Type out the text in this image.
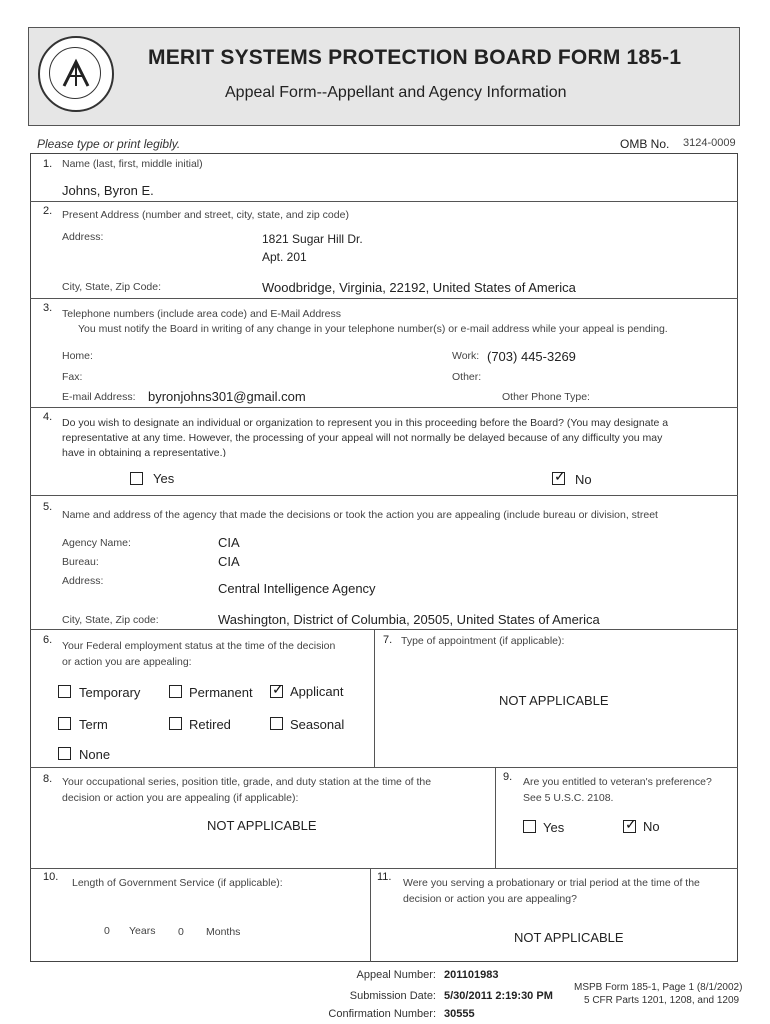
MERIT SYSTEMS PROTECTION BOARD FORM 185-1
Appeal Form--Appellant and Agency Information
Please type or print legibly.	OMB No. 3124-0009
1. Name (last, first, middle initial)
Johns, Byron E.
2. Present Address (number and street, city, state, and zip code)
Address:	1821 Sugar Hill Dr.
Apt. 201
City, State, Zip Code:	Woodbridge, Virginia, 22192, United States of America
3. Telephone numbers (include area code) and E-Mail Address
You must notify the Board in writing of any change in your telephone number(s) or e-mail address while your appeal is pending.
Home:	Work: (703) 445-3269
Fax:	Other:
E-mail Address: byronjohns301@gmail.com	Other Phone Type:
4. Do you wish to designate an individual or organization to represent you in this proceeding before the Board? (You may designate a
representative at any time. However, the processing of your appeal will not normally be delayed because of any difficulty you may
have in obtaining a representative.)
Yes	✓ No
5.
Name and address of the agency that made the decisions or took the action you are appealing (include bureau or division, street
Agency Name:	CIA
Bureau:	CIA
Address:	Central Intelligence Agency
City, State, Zip code:	Washington, District of Columbia, 20505, United States of America
6. Your Federal employment status at the time of the decision
or action you are appealing:
Temporary	Permanent ✓ Applicant
Term	Retired	Seasonal
None
7. Type of appointment (if applicable):
NOT APPLICABLE
8. Your occupational series, position title, grade, and duty station at the time of the
decision or action you are appealing (if applicable):
NOT APPLICABLE
9. Are you entitled to veteran's preference?
See 5 U.S.C. 2108.
Yes	✓ No
10. Length of Government Service (if applicable):
0 Years 0 Months
11. Were you serving a probationary or trial period at the time of the
decision or action you are appealing?
NOT APPLICABLE
Appeal Number: 201101983
Submission Date: 5/30/2011 2:19:30 PM
Confirmation Number: 30555
MSPB Form 185-1, Page 1 (8/1/2002)
5 CFR Parts 1201, 1208, and 1209
